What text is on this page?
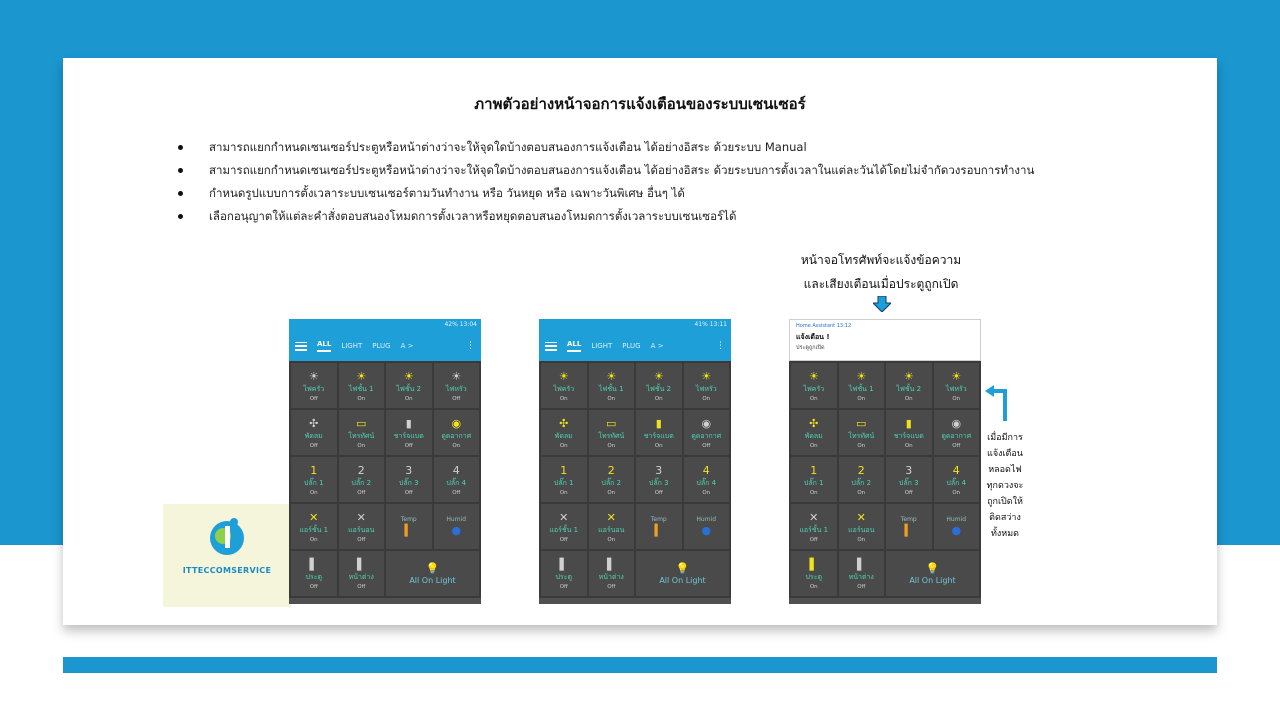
ภาพตัวอย่างหน้าจอการแจ้งเตือนของระบบเซนเซอร์
สามารถแยกกำหนดเซนเซอร์ประตูหรือหน้าต่างว่าจะให้จุดใดบ้างตอบสนองการแจ้งเตือน ได้อย่างอิสระ ด้วยระบบ Manual
สามารถแยกกำหนดเซนเซอร์ประตูหรือหน้าต่างว่าจะให้จุดใดบ้างตอบสนองการแจ้งเตือน ได้อย่างอิสระ ด้วยระบบการตั้งเวลาในแต่ละวันได้โดยไม่จำกัดวงรอบการทำงาน
กำหนดรูปแบบการตั้งเวลาระบบเซนเซอร์ตามวันทำงาน หรือ วันหยุด หรือ เฉพาะวันพิเศษ อื่นๆ ได้
เลือกอนุญาตให้แต่ละคำสั่งตอบสนองโหมดการตั้งเวลาหรือหยุดตอบสนองโหมดการตั้งเวลาระบบเซนเซอร์ได้
หน้าจอโทรศัพท์จะแจ้งข้อความ
และเสียงเตือนเมื่อประตูถูกเปิด
ITTECCOMSERVICE
42% 13:04
ALL LIGHT PLUG A >	⋮
☀
ไฟครัว
Off
☀
ไฟชั้น 1
On
☀
ไฟชั้น 2
On
☀
ไฟหรัว
Off
✣
พัดลม
Off
▭
โทรทัศน์
On
▮
ชาร์จแบต
Off
◉
ดูดอากาศ
On
1
ปลั๊ก 1
On
2
ปลั๊ก 2
Off
3
ปลั๊ก 3
Off
4
ปลั๊ก 4
Off
✕
แอร์ชั้น 1
On
✕
แอร์นอน
Off
Temp
▍
Humid
●
▌
ประตู
Off
▌
หน้าต่าง
Off
💡
All On Light
41% 13:11
ALL LIGHT PLUG A >	⋮
☀
ไฟครัว
On
☀
ไฟชั้น 1
On
☀
ไฟชั้น 2
On
☀
ไฟหรัว
On
✣
พัดลม
On
▭
โทรทัศน์
On
▮
ชาร์จแบต
On
◉
ดูดอากาศ
Off
1
ปลั๊ก 1
On
2
ปลั๊ก 2
On
3
ปลั๊ก 3
Off
4
ปลั๊ก 4
On
✕
แอร์ชั้น 1
Off
✕
แอร์นอน
On
Temp
▍
Humid
●
▌
ประตู
Off
▌
หน้าต่าง
Off
💡
All On Light
Home Assistant 13:12
แจ้งเตือน !
ประตูถูกเปิด
☀
ไฟครัว
On
☀
ไฟชั้น 1
On
☀
ไฟชั้น 2
On
☀
ไฟหรัว
On
✣
พัดลม
On
▭
โทรทัศน์
On
▮
ชาร์จแบต
On
◉
ดูดอากาศ
Off
1
ปลั๊ก 1
On
2
ปลั๊ก 2
On
3
ปลั๊ก 3
Off
4
ปลั๊ก 4
On
✕
แอร์ชั้น 1
Off
✕
แอร์นอน
On
Temp
▍
Humid
●
▌
ประตู
On
▌
หน้าต่าง
Off
💡
All On Light
เมื่อมีการ
แจ้งเตือน
หลอดไฟ
ทุกดวงจะ
ถูกเปิดให้
ติดสว่าง
ทั้งหมด
